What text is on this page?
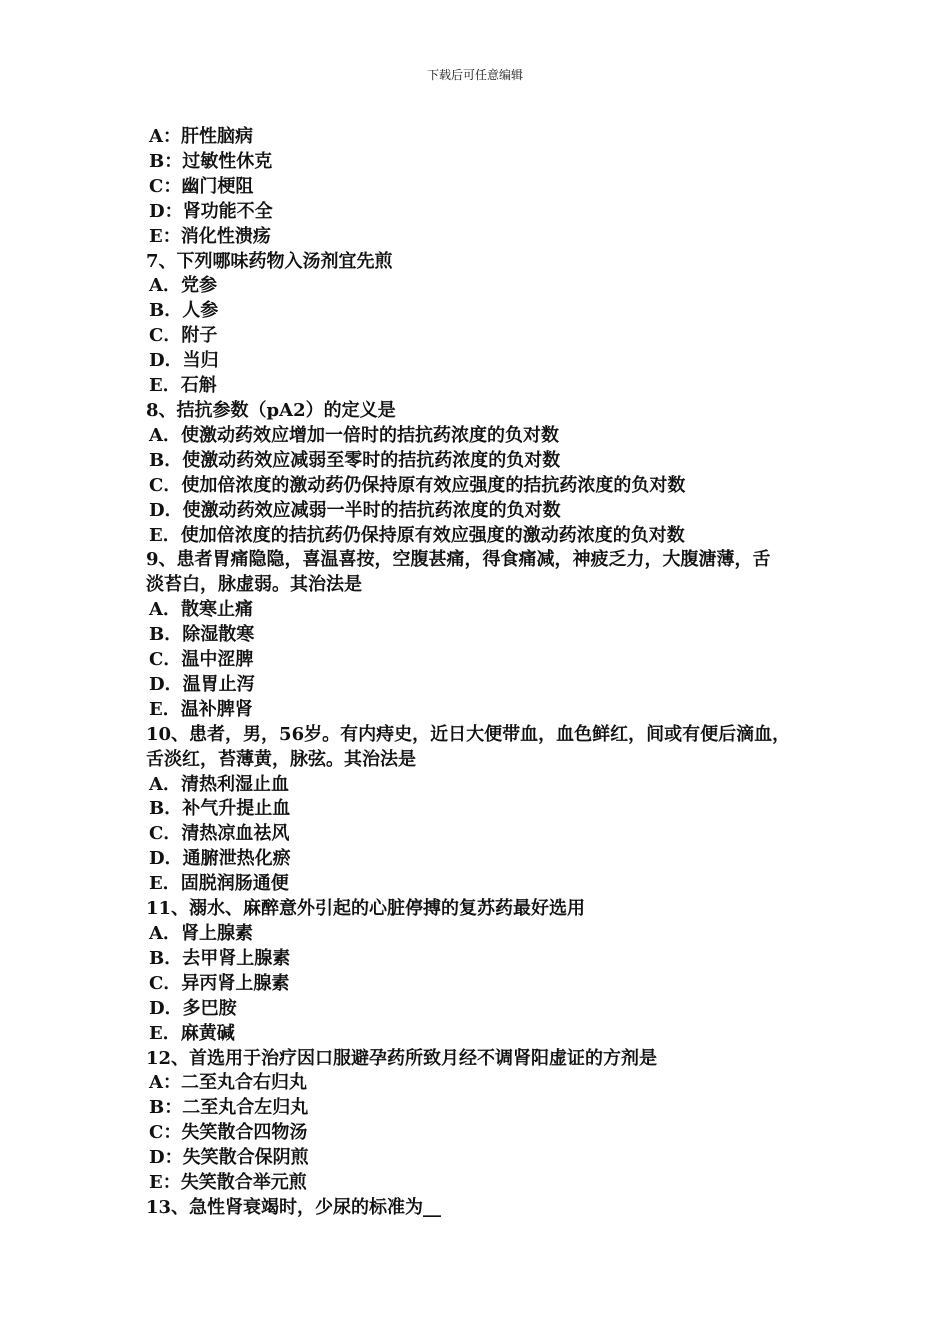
下载后可任意编辑
A：肝性脑病
B：过敏性休克
C：幽门梗阻
D：肾功能不全
E：消化性溃疡
7、下列哪味药物入汤剂宜先煎
A．党参
B．人参
C．附子
D．当归
E．石斛
8、拮抗参数（pA2）的定义是
A．使激动药效应增加一倍时的拮抗药浓度的负对数
B．使激动药效应减弱至零时的拮抗药浓度的负对数
C．使加倍浓度的激动药仍保持原有效应强度的拮抗药浓度的负对数
D．使激动药效应减弱一半时的拮抗药浓度的负对数
E．使加倍浓度的拮抗药仍保持原有效应强度的激动药浓度的负对数
9、患者胃痛隐隐，喜温喜按，空腹甚痛，得食痛减，神疲乏力，大腹溏薄，舌
淡苔白，脉虚弱。其治法是
A．散寒止痛
B．除湿散寒
C．温中涩脾
D．温胃止泻
E．温补脾肾
10、患者，男，56岁。有内痔史，近日大便带血，血色鲜红，间或有便后滴血，
舌淡红，苔薄黄，脉弦。其治法是
A．清热利湿止血
B．补气升提止血
C．清热凉血祛风
D．通腑泄热化瘀
E．固脱润肠通便
11、溺水、麻醉意外引起的心脏停搏的复苏药最好选用
A．肾上腺素
B．去甲肾上腺素
C．异丙肾上腺素
D．多巴胺
E．麻黄碱
12、首选用于治疗因口服避孕药所致月经不调肾阳虚证的方剂是
A：二至丸合右归丸
B：二至丸合左归丸
C：失笑散合四物汤
D：失笑散合保阴煎
E：失笑散合举元煎
13、急性肾衰竭时，少尿的标准为__
